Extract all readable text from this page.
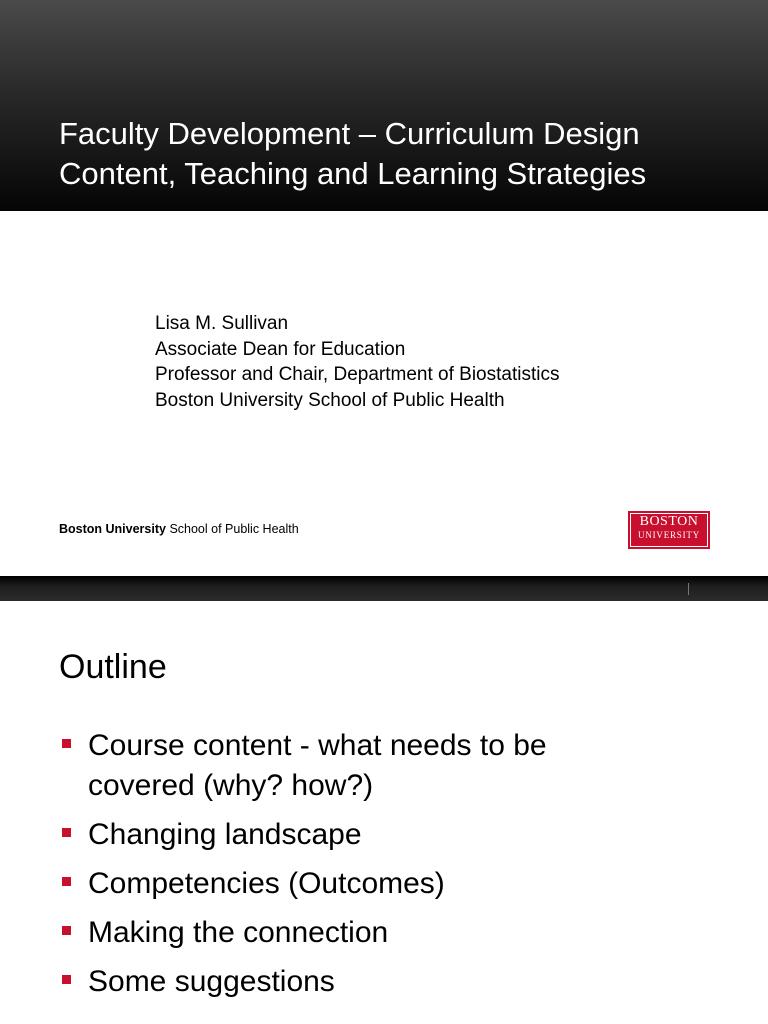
Faculty Development – Curriculum Design
Content, Teaching and Learning Strategies
Lisa M. Sullivan
Associate Dean for Education
Professor and Chair, Department of Biostatistics
Boston University School of Public Health
Boston University School of Public Health	BOSTON
UNIVERSITY
Outline
Course content - what needs to be
covered (why? how?)
Changing landscape
Competencies (Outcomes)
Making the connection
Some suggestions
